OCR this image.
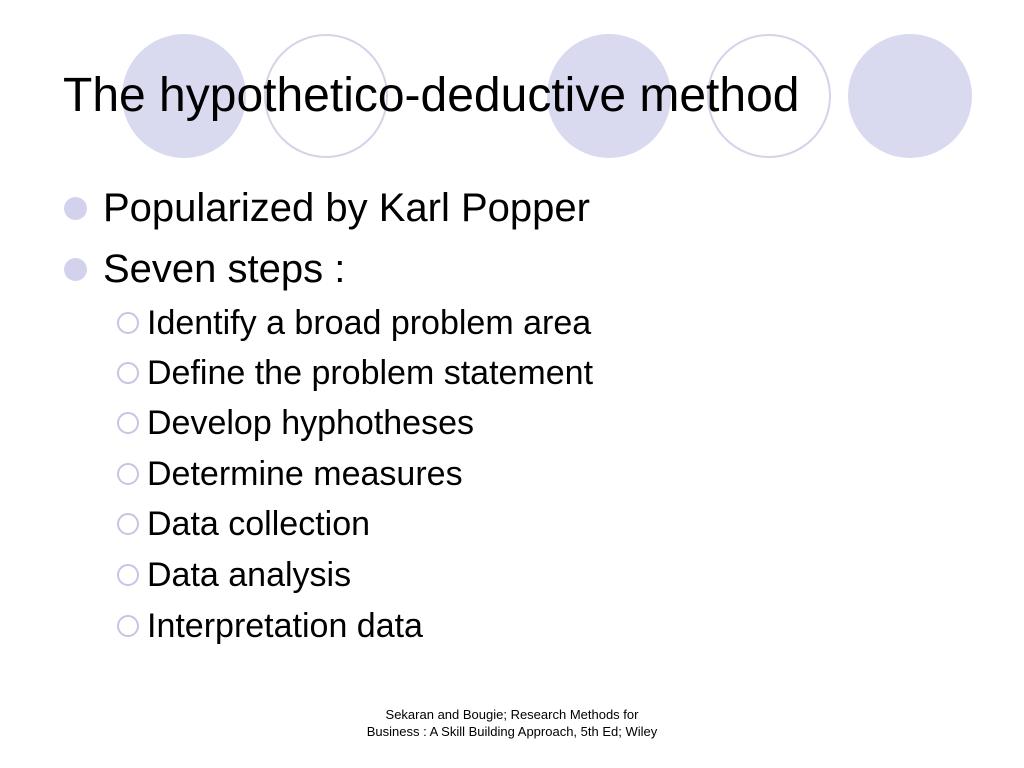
The hypothetico-deductive method
Popularized by Karl Popper
Seven steps :
Identify a broad problem area
Define the problem statement
Develop hyphotheses
Determine measures
Data collection
Data analysis
Interpretation data
Sekaran and Bougie; Research Methods for Business : A Skill Building Approach, 5th Ed; Wiley
